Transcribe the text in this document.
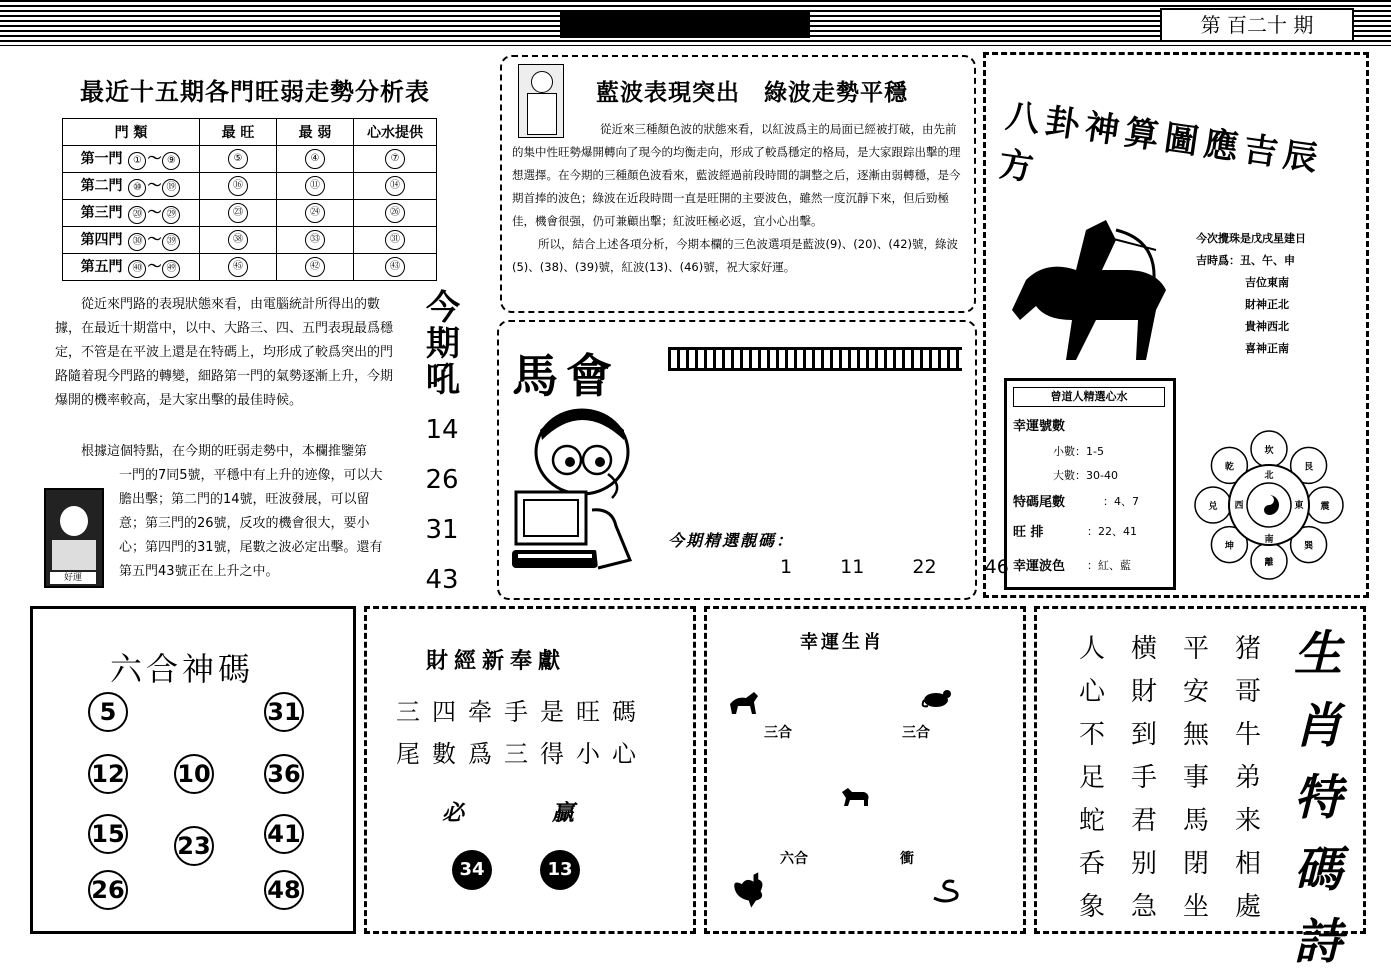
第 百二十 期
最近十五期各門旺弱走勢分析表
門 類	最 旺	最 弱	心水提供
第一門 ① ～ ⑨	⑤	④	⑦
第二門 ⑩ ～ ⑲	⑯	⑪	⑭
第三門 ⑳ ～ ㉙	㉓	㉔	㉖
第四門 ㉚ ～ ㊴	㊳	㉝	㉛
第五門 ㊵ ～ ㊾	㊺	㊷	㊸
從近來門路的表現狀態來看，由電腦統計所得出的數據，在最近十期當中，以中、大路三、四、五門表現最爲穩定，不管是在平波上還是在特碼上，均形成了較爲突出的門路隨着現今門路的轉變，細路第一門的氣勢逐漸上升，今期爆開的機率較高，是大家出擊的最佳時候。
根據這個特點，在今期的旺弱走勢中，本欄推鑒第
一門的7同5號，平穩中有上升的迹像，可以大膽出擊；第二門的14號，旺波發展，可以留意；第三門的26號，反攻的機會很大，要小心；第四門的31號，尾數之波必定出擊。還有第五門43號正在上升之中。
好運
今
期
吼
14
26
31
43
藍波表現突出　綠波走勢平穩
從近來三種顏色波的狀態來看，以紅波爲主的局面已經被打破，由先前的集中性旺勢爆開轉向了現今的均衡走向，形成了較爲穩定的格局，是大家跟踪出擊的理想選擇。在今期的三種顏色波看來，藍波經過前段時間的調整之后，逐漸由弱轉穩，是今期首捧的波色；綠波在近段時間一直是旺開的主要波色，雖然一度沉靜下來，但后勁極佳，機會很强，仍可兼顧出擊；紅波旺極必返，宜小心出擊。
所以，結合上述各項分析，今期本欄的三色波選項是藍波(9)、(20)、(42)號，綠波(5)、(38)、(39)號，紅波(13)、(46)號，祝大家好運。
馬會
今期精選靚碼：
1	11	22	46
八卦神算圖應吉辰方
今次攪珠是戊戌星建日
吉時爲：丑、午、申
吉位東南
財神正北
貴神西北
喜神正南
曾道人精選心水
幸運號數
小數：1-5
大數：30-40
特碼尾數	：4、7
旺 排	：22、41
幸運波色 ：紅、藍
坎
艮
震
巽
離
坤
兑
乾
北
東
南
西
六合神碼
5	31
12 10 36
15 23 41
26	48
財經新奉獻
三四牵手是旺碼
尾數爲三得小心
必	贏
34	13
幸運生肖
三合	三合
六合	衝
猪
哥
牛
弟
来
相
處
平
安
無
事
馬
閉
坐
横
財
到
手
君
别
急
人
心
不
足
蛇
呑
象
生
肖
特
碼
詩
